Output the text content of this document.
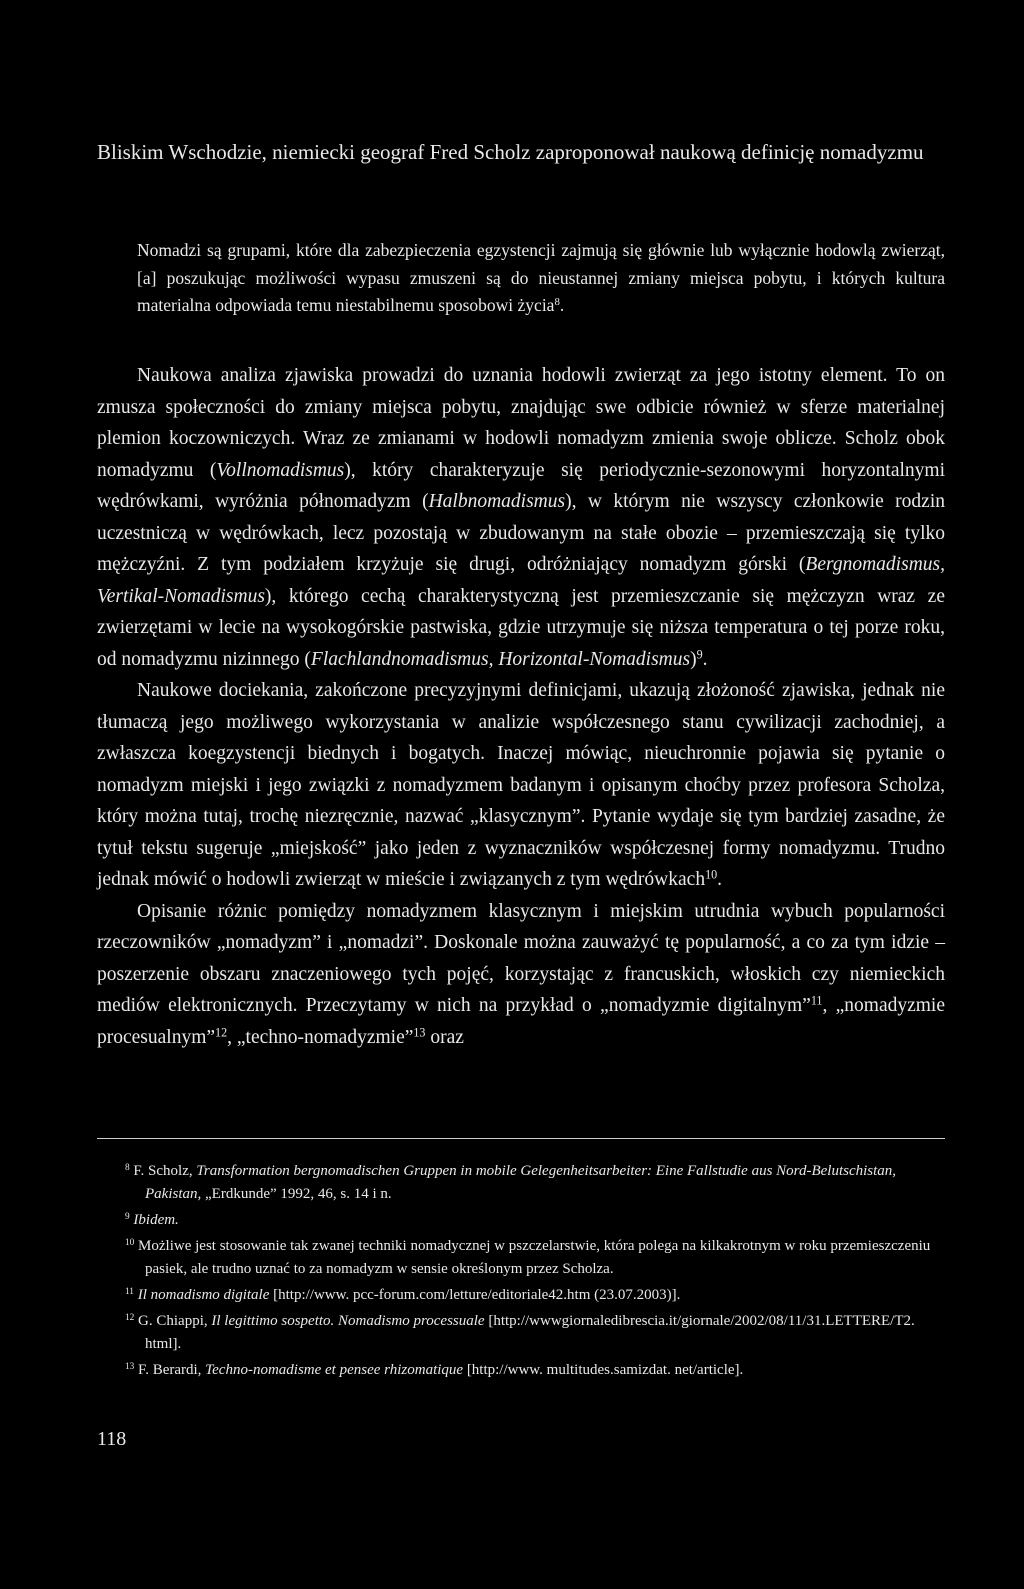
Bliskim Wschodzie, niemiecki geograf Fred Scholz zaproponował naukową definicję nomadyzmu

Nomadzi są grupami, które dla zabezpieczenia egzystencji zajmują się głównie lub wyłącznie hodowlą zwierząt, [a] poszukując możliwości wypasu zmuszeni są do nieustannej zmiany miejsca pobytu, i których kultura materialna odpowiada temu niestabilnemu sposobowi życia$^8$.

Naukowa analiza zjawiska prowadzi do uznania hodowli zwierząt za jego istotny element. To on zmusza społeczności do zmiany miejsca pobytu, znajdując swe odbicie również w sferze materialnej plemion koczowniczych. Wraz ze zmianami w hodowli nomadyzm zmienia swoje oblicze. Scholz obok nomadyzmu (Vollnomadismus), który charakteryzuje się periodycznie-sezonowymi horyzontalnymi wędrówkami, wyróżnia półnomadyzm (Halbnomadismus), w którym nie wszyscy członkowie rodzin uczestniczą w wędrówkach, lecz pozostają w zbudowanym na stałe obozie – przemieszczają się tylko mężczyźni. Z tym podziałem krzyżuje się drugi, odróżniający nomadyzm górski (Bergnomadismus, Vertikal-Nomadismus), którego cechą charakterystyczną jest przemieszczanie się mężczyzn wraz ze zwierzętami w lecie na wysokogórskie pastwiska, gdzie utrzymuje się niższa temperatura o tej porze roku, od nomadyzmu nizinnego (Flachlandnomadismus, Horizontal-Nomadismus)$^9$.

Naukowe dociekania, zakończone precyzyjnymi definicjami, ukazują złożoność zjawiska, jednak nie tłumaczą jego możliwego wykorzystania w analizie współczesnego stanu cywilizacji zachodniej, a zwłaszcza koegzystencji biednych i bogatych. Inaczej mówiąc, nieuchronnie pojawia się pytanie o nomadyzm miejski i jego związki z nomadyzmem badanym i opisanym choćby przez profesora Scholza, który można tutaj, trochę niezręcznie, nazwać „klasycznym”. Pytanie wydaje się tym bardziej zasadne, że tytuł tekstu sugeruje „miejskość” jako jeden z wyznaczników współczesnej formy nomadyzmu. Trudno jednak mówić o hodowli zwierząt w mieście i związanych z tym wędrówkach$^{10}$.

Opisanie różnic pomiędzy nomadyzmem klasycznym i miejskim utrudnia wybuch popularności rzeczowników „nomadyzm” i „nomadzi”. Doskonale można zauważyć tę popularność, a co za tym idzie – poszerzenie obszaru znaczeniowego tych pojęć, korzystając z francuskich, włoskich czy niemieckich mediów elektronicznych. Przeczytamy w nich na przykład o „nomadyzmie digitalnym”$^{11}$, „nomadyzmie procesualnym”$^{12}$, „techno-nomadyzmie”$^{13}$ oraz

$^8$ F. Scholz, Transformation bergnomadischen Gruppen in mobile Gelegenheitsarbeiter: Eine Fallstudie aus Nord-Belutschistan, Pakistan, „Erdkunde” 1992, 46, s. 14 i n.

$^9$ Ibidem.

$^{10}$ Możliwe jest stosowanie tak zwanej techniki nomadycznej w pszczelarstwie, która polega na kilkakrotnym w roku przemieszczeniu pasiek, ale trudno uznać to za nomadyzm w sensie określonym przez Scholza.

$^{11}$ Il nomadismo digitale [http://www. pcc-forum.com/letture/editoriale42.htm (23.07.2003)].

$^{12}$ G. Chiappi, Il legittimo sospetto. Nomadismo processuale [http://wwwgiornaledibrescia.it/giornale/2002/08/11/31.LETTERE/T2. html].

$^{13}$ F. Berardi, Techno-nomadisme et pensee rhizomatique [http://www. multitudes.samizdat. net/article].

118
